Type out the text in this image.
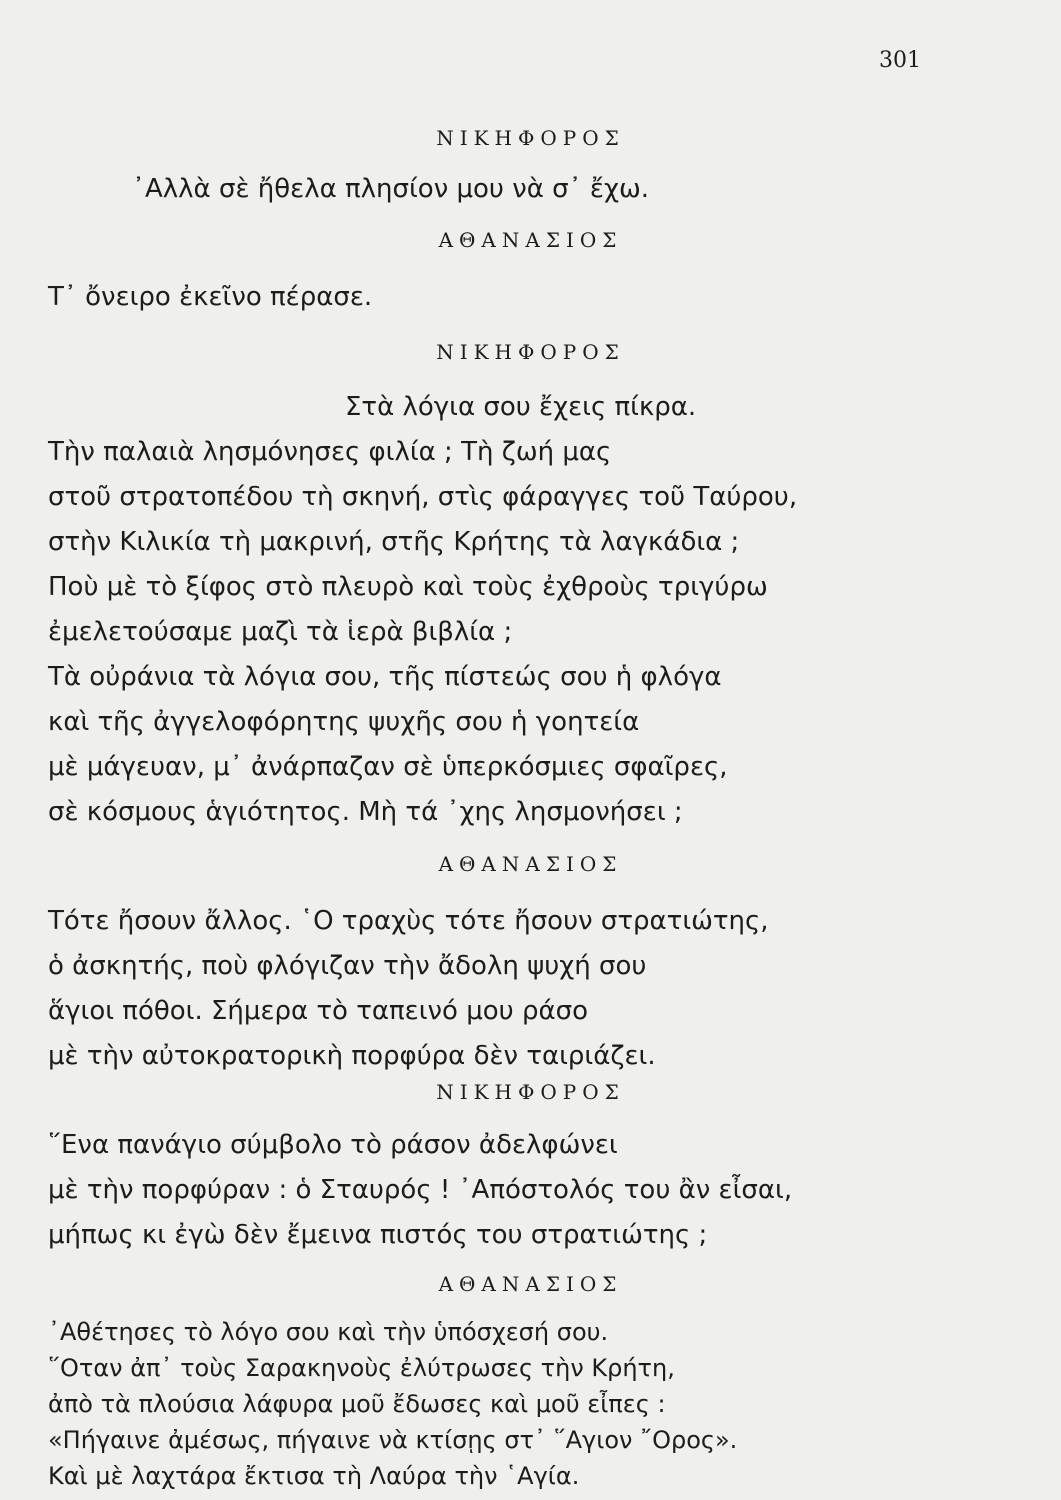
301
ΝΙΚΗΦΟΡΟΣ
᾿Αλλὰ σὲ ἤθελα πλησίον μου νὰ σ᾿ ἔχω.
ΑΘΑΝΑΣΙΟΣ
Τ᾿ ὄνειρο ἐκεῖνο πέρασε.
ΝΙΚΗΦΟΡΟΣ
Στὰ λόγια σου ἔχεις πίκρα.
Τὴν παλαιὰ λησμόνησες φιλία ; Τὴ ζωή μας
στοῦ στρατοπέδου τὴ σκηνή, στὶς φάραγγες τοῦ Ταύρου,
στὴν Κιλικία τὴ μακρινή, στῆς Κρήτης τὰ λαγκάδια ;
Ποὺ μὲ τὸ ξίφος στὸ πλευρὸ καὶ τοὺς ἐχθροὺς τριγύρω
ἐμελετούσαμε μαζὶ τὰ ἱερὰ βιβλία ;
Τὰ οὐράνια τὰ λόγια σου, τῆς πίστεώς σου ἡ φλόγα
καὶ τῆς ἀγγελοφόρητης ψυχῆς σου ἡ γοητεία
μὲ μάγευαν, μ᾿ ἀνάρπαζαν σὲ ὑπερκόσμιες σφαῖρες,
σὲ κόσμους ἁγιότητος. Μὴ τά ᾿χης λησμονήσει ;
ΑΘΑΝΑΣΙΟΣ
Τότε ἤσουν ἄλλος. ῾Ο τραχὺς τότε ἤσουν στρατιώτης,
ὁ ἀσκητής, ποὺ φλόγιζαν τὴν ἄδολη ψυχή σου
ἅγιοι πόθοι. Σήμερα τὸ ταπεινό μου ράσο
μὲ τὴν αὐτοκρατορικὴ πορφύρα δὲν ταιριάζει.
ΝΙΚΗΦΟΡΟΣ
῞Ενα πανάγιο σύμβολο τὸ ράσον ἀδελφώνει
μὲ τὴν πορφύραν : ὁ Σταυρός ! ᾿Απόστολός του ἂν εἶσαι,
μήπως κι ἐγὼ δὲν ἔμεινα πιστός του στρατιώτης ;
ΑΘΑΝΑΣΙΟΣ
᾿Αθέτησες τὸ λόγο σου καὶ τὴν ὑπόσχεσή σου.
῞Οταν ἀπ᾿ τοὺς Σαρακηνοὺς ἐλύτρωσες τὴν Κρήτη,
ἀπὸ τὰ πλούσια λάφυρα μοῦ ἔδωσες καὶ μοῦ εἶπες :
«Πήγαινε ἀμέσως, πήγαινε νὰ κτίσῃς στ᾿ ῞Αγιον ῎Ορος».
Καὶ μὲ λαχτάρα ἔκτισα τὴ Λαύρα τὴν ῾Αγία.
